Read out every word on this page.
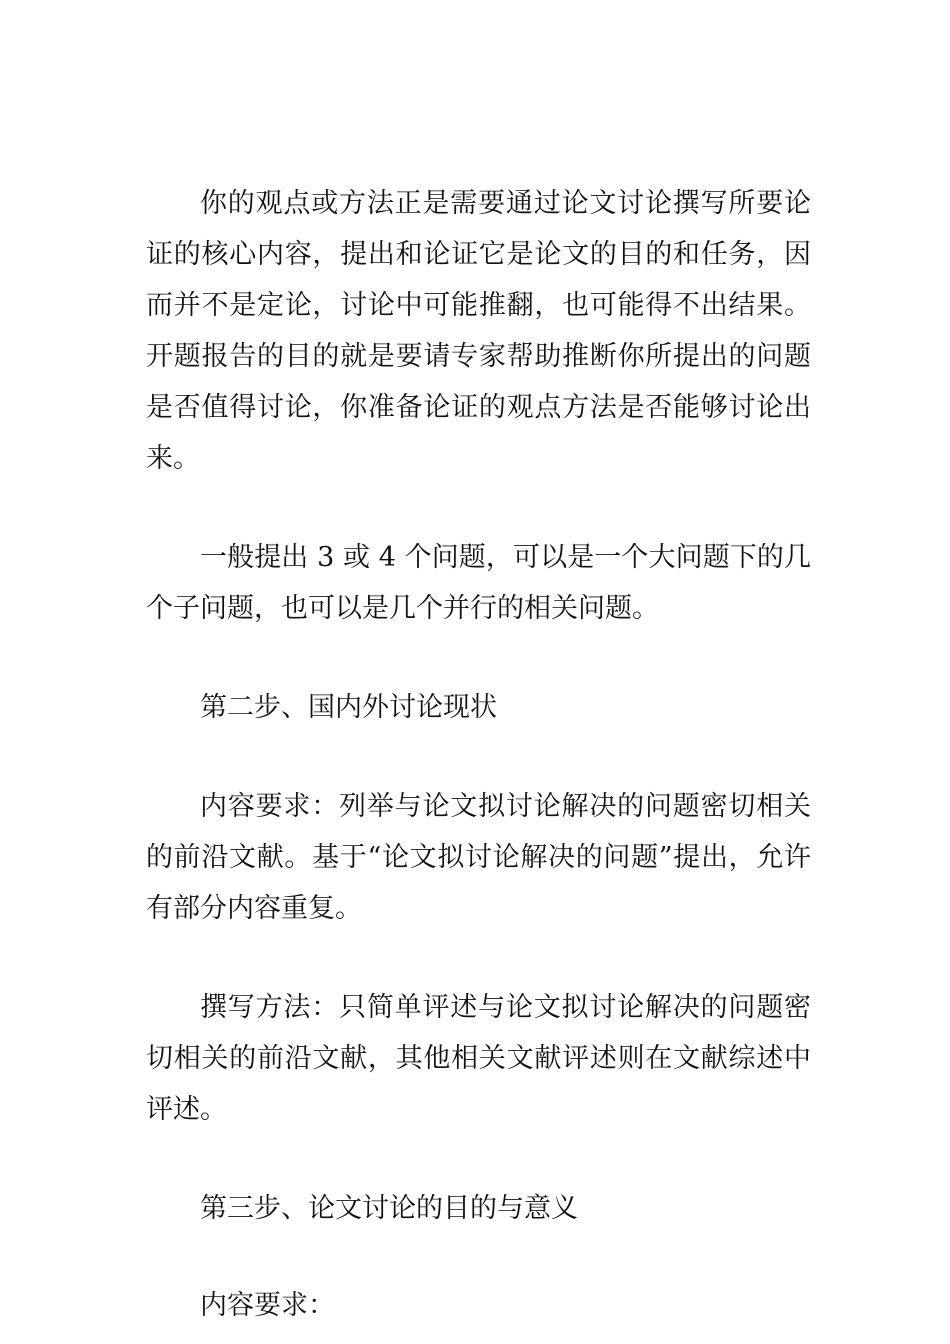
你的观点或方法正是需要通过论文讨论撰写所要论证的核心内容，提出和论证它是论文的目的和任务，因而并不是定论，讨论中可能推翻，也可能得不出结果。开题报告的目的就是要请专家帮助推断你所提出的问题是否值得讨论，你准备论证的观点方法是否能够讨论出来。

一般提出 3 或 4 个问题，可以是一个大问题下的几个子问题，也可以是几个并行的相关问题。

第二步、国内外讨论现状

内容要求：列举与论文拟讨论解决的问题密切相关的前沿文献。基于“论文拟讨论解决的问题”提出，允许有部分内容重复。

撰写方法：只简单评述与论文拟讨论解决的问题密切相关的前沿文献，其他相关文献评述则在文献综述中评述。

第三步、论文讨论的目的与意义

内容要求：
